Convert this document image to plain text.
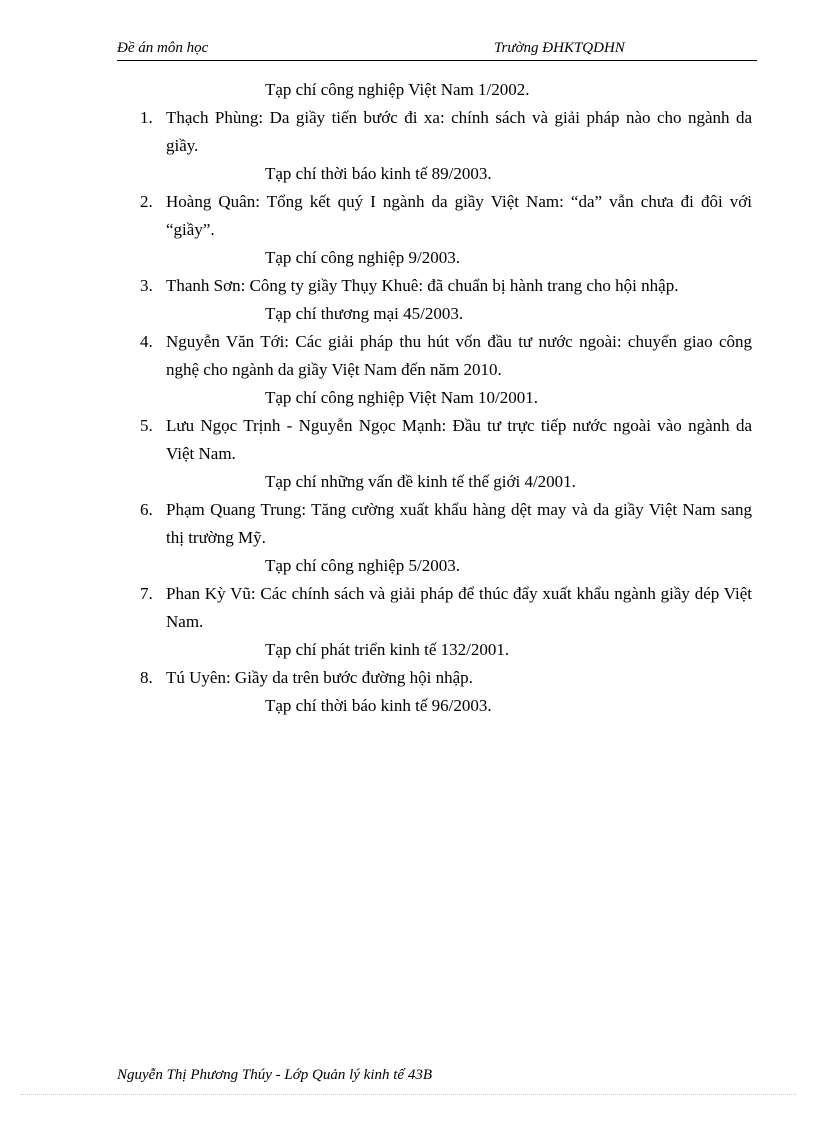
Đề án môn học	Trường ĐHKTQDHN
Tạp chí công nghiệp Việt Nam 1/2002.
1. Thạch Phùng: Da giầy tiến bước đi xa: chính sách và giải pháp nào cho ngành da giầy.
Tạp chí thời báo kinh tế 89/2003.
2. Hoàng Quân: Tổng kết quý I ngành da giầy Việt Nam: “da” vẫn chưa đi đôi với “giầy”.
Tạp chí công nghiệp 9/2003.
3. Thanh Sơn: Công ty giầy Thụy Khuê: đã chuẩn bị hành trang cho hội nhập.
Tạp chí thương mại 45/2003.
4. Nguyễn Văn Tới: Các giải pháp thu hút vốn đầu tư nước ngoài: chuyển giao công nghệ cho ngành da giầy Việt Nam đến năm 2010.
Tạp chí công nghiệp Việt Nam 10/2001.
5. Lưu Ngọc Trịnh - Nguyễn Ngọc Mạnh: Đầu tư trực tiếp nước ngoài vào ngành da Việt Nam.
Tạp chí những vấn đề kinh tế thế giới 4/2001.
6. Phạm Quang Trung: Tăng cường xuất khẩu hàng dệt may và da giầy Việt Nam sang thị trường Mỹ.
Tạp chí công nghiệp 5/2003.
7. Phan Kỳ Vũ: Các chính sách và giải pháp để thúc đẩy xuất khẩu ngành giầy dép Việt Nam.
Tạp chí phát triển kinh tế 132/2001.
8. Tú Uyên: Giầy da trên bước đường hội nhập.
Tạp chí thời báo kinh tế 96/2003.
Nguyễn Thị Phương Thúy - Lớp Quản lý kinh tế 43B
